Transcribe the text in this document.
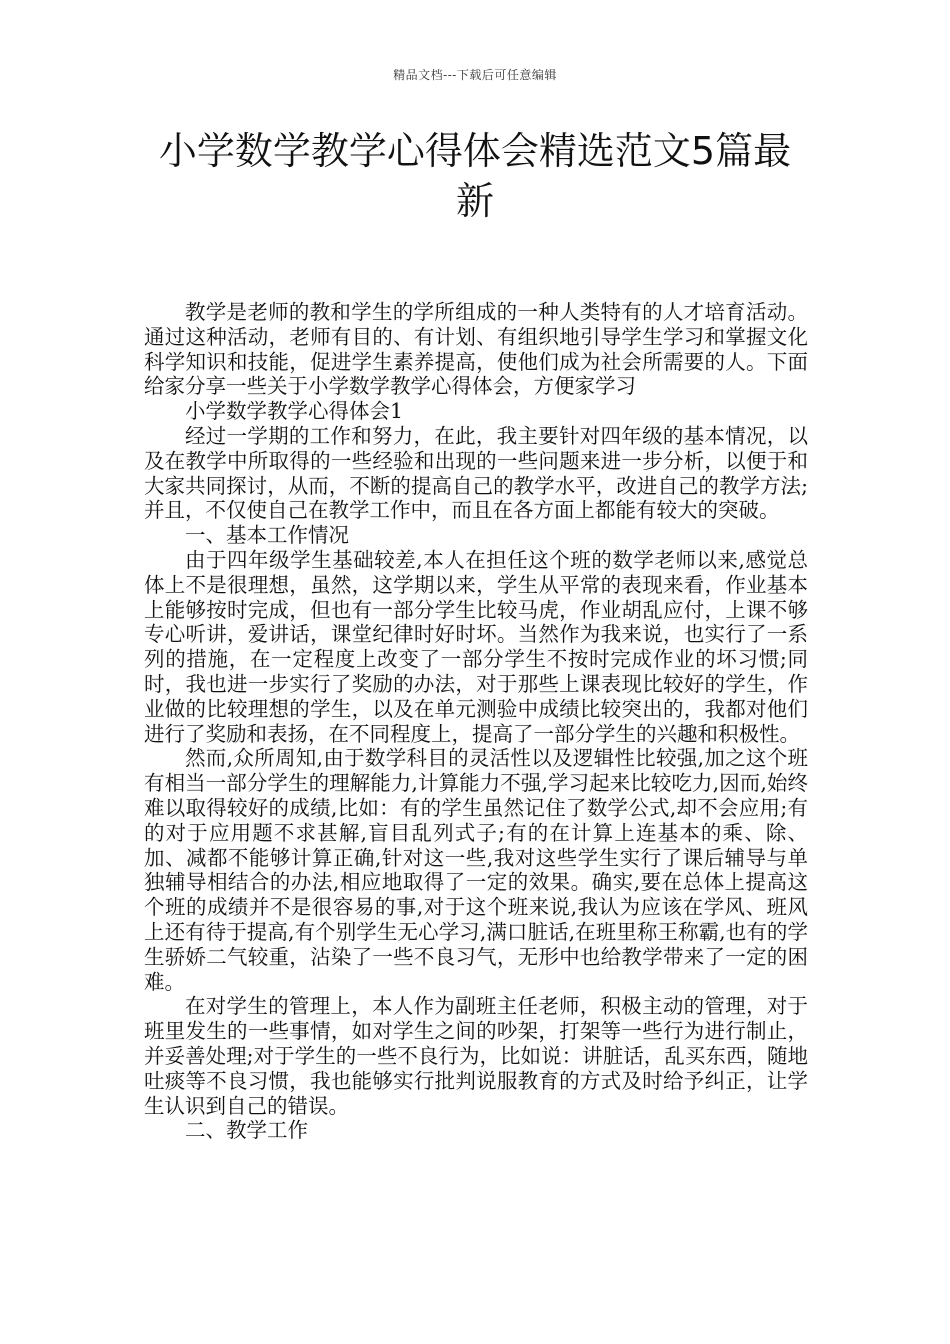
精品文档---下载后可任意编辑
小学数学教学心得体会精选范文5篇最新

教学是老师的教和学生的学所组成的一种人类特有的人才培育活动。通过这种活动，老师有目的、有计划、有组织地引导学生学习和掌握文化科学知识和技能，促进学生素养提高，使他们成为社会所需要的人。下面给家分享一些关于小学数学教学心得体会，方便家学习

小学数学教学心得体会1

经过一学期的工作和努力，在此，我主要针对四年级的基本情况，以及在教学中所取得的一些经验和出现的一些问题来进一步分析，以便于和大家共同探讨，从而，不断的提高自己的教学水平，改进自己的教学方法;并且，不仅使自己在教学工作中，而且在各方面上都能有较大的突破。

一、基本工作情况

由于四年级学生基础较差,本人在担任这个班的数学老师以来,感觉总体上不是很理想，虽然，这学期以来，学生从平常的表现来看，作业基本上能够按时完成，但也有一部分学生比较马虎，作业胡乱应付，上课不够专心听讲，爱讲话，课堂纪律时好时坏。当然作为我来说，也实行了一系列的措施，在一定程度上改变了一部分学生不按时完成作业的坏习惯;同时，我也进一步实行了奖励的办法，对于那些上课表现比较好的学生，作业做的比较理想的学生，以及在单元测验中成绩比较突出的，我都对他们进行了奖励和表扬，在不同程度上，提高了一部分学生的兴趣和积极性。

然而,众所周知,由于数学科目的灵活性以及逻辑性比较强,加之这个班有相当一部分学生的理解能力,计算能力不强,学习起来比较吃力,因而,始终难以取得较好的成绩,比如：有的学生虽然记住了数学公式,却不会应用;有的对于应用题不求甚解,盲目乱列式子;有的在计算上连基本的乘、除、加、减都不能够计算正确,针对这一些,我对这些学生实行了课后辅导与单独辅导相结合的办法,相应地取得了一定的效果。确实,要在总体上提高这个班的成绩并不是很容易的事,对于这个班来说,我认为应该在学风、班风上还有待于提高,有个别学生无心学习,满口脏话,在班里称王称霸,也有的学生骄娇二气较重，沾染了一些不良习气，无形中也给教学带来了一定的困难。

在对学生的管理上，本人作为副班主任老师，积极主动的管理，对于班里发生的一些事情，如对学生之间的吵架，打架等一些行为进行制止，并妥善处理;对于学生的一些不良行为，比如说：讲脏话，乱买东西，随地吐痰等不良习惯，我也能够实行批判说服教育的方式及时给予纠正，让学生认识到自己的错误。

二、教学工作
